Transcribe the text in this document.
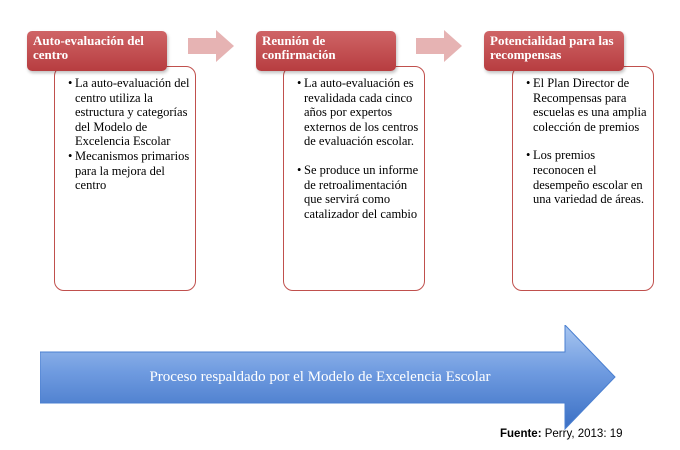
• La auto-evaluación del centro utiliza la estructura y categorías del Modelo de Excelencia Escolar
• Mecanismos primarios para la mejora del centro
Auto-evaluación del centro
• La auto-evaluación es revalidada cada cinco años por expertos externos de los centros de evaluación escolar.
• Se produce un informe de retroalimentación que servirá como catalizador del cambio
Reunión de confirmación
• El Plan Director de Recompensas para escuelas es una amplia colección de premios
• Los premios reconocen el desempeño escolar en una variedad de áreas.
Potencialidad para las recompensas
Proceso respaldado por el Modelo de Excelencia Escolar
Fuente: Perry, 2013: 19
